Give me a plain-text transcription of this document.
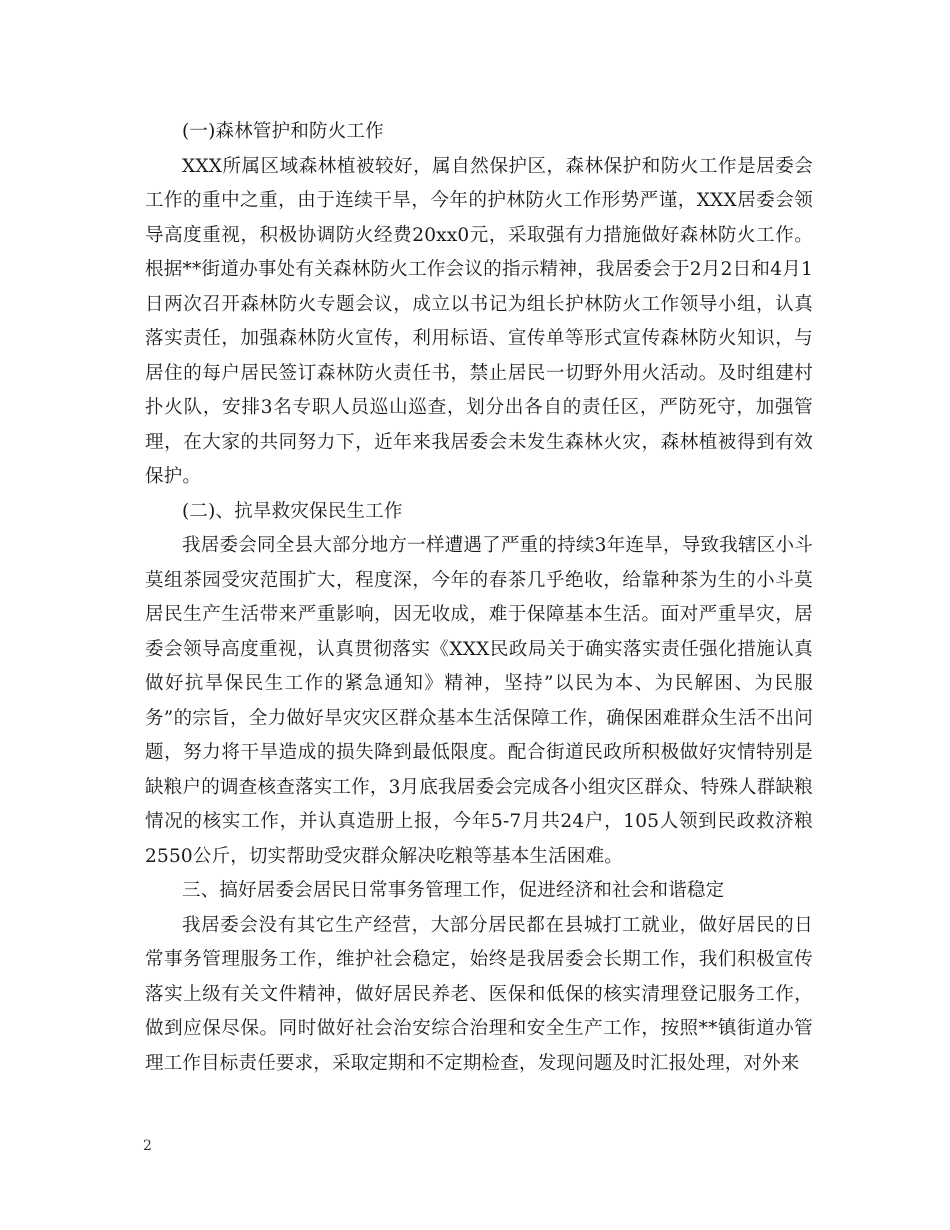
(一)森林管护和防火工作

XXX所属区域森林植被较好，属自然保护区，森林保护和防火工作是居委会工作的重中之重，由于连续干旱，今年的护林防火工作形势严谨，XXX居委会领导高度重视，积极协调防火经费20xx0元，采取强有力措施做好森林防火工作。根据**街道办事处有关森林防火工作会议的指示精神，我居委会于2月2日和4月1日两次召开森林防火专题会议，成立以书记为组长护林防火工作领导小组，认真落实责任，加强森林防火宣传，利用标语、宣传单等形式宣传森林防火知识，与居住的每户居民签订森林防火责任书，禁止居民一切野外用火活动。及时组建村扑火队，安排3名专职人员巡山巡查，划分出各自的责任区，严防死守，加强管理，在大家的共同努力下，近年来我居委会未发生森林火灾，森林植被得到有效保护。

(二)、抗旱救灾保民生工作

我居委会同全县大部分地方一样遭遇了严重的持续3年连旱，导致我辖区小斗莫组茶园受灾范围扩大，程度深，今年的春茶几乎绝收，给靠种茶为生的小斗莫居民生产生活带来严重影响，因无收成，难于保障基本生活。面对严重旱灾，居委会领导高度重视，认真贯彻落实《XXX民政局关于确实落实责任强化措施认真做好抗旱保民生工作的紧急通知》精神，坚持”以民为本、为民解困、为民服务”的宗旨，全力做好旱灾灾区群众基本生活保障工作，确保困难群众生活不出问题，努力将干旱造成的损失降到最低限度。配合街道民政所积极做好灾情特别是缺粮户的调查核查落实工作，3月底我居委会完成各小组灾区群众、特殊人群缺粮情况的核实工作，并认真造册上报，今年5-7月共24户，105人领到民政救济粮2550公斤，切实帮助受灾群众解决吃粮等基本生活困难。

三、搞好居委会居民日常事务管理工作，促进经济和社会和谐稳定

我居委会没有其它生产经营，大部分居民都在县城打工就业，做好居民的日常事务管理服务工作，维护社会稳定，始终是我居委会长期工作，我们积极宣传落实上级有关文件精神，做好居民养老、医保和低保的核实清理登记服务工作，做到应保尽保。同时做好社会治安综合治理和安全生产工作，按照**镇街道办管理工作目标责任要求，采取定期和不定期检查，发现问题及时汇报处理，对外来

2
